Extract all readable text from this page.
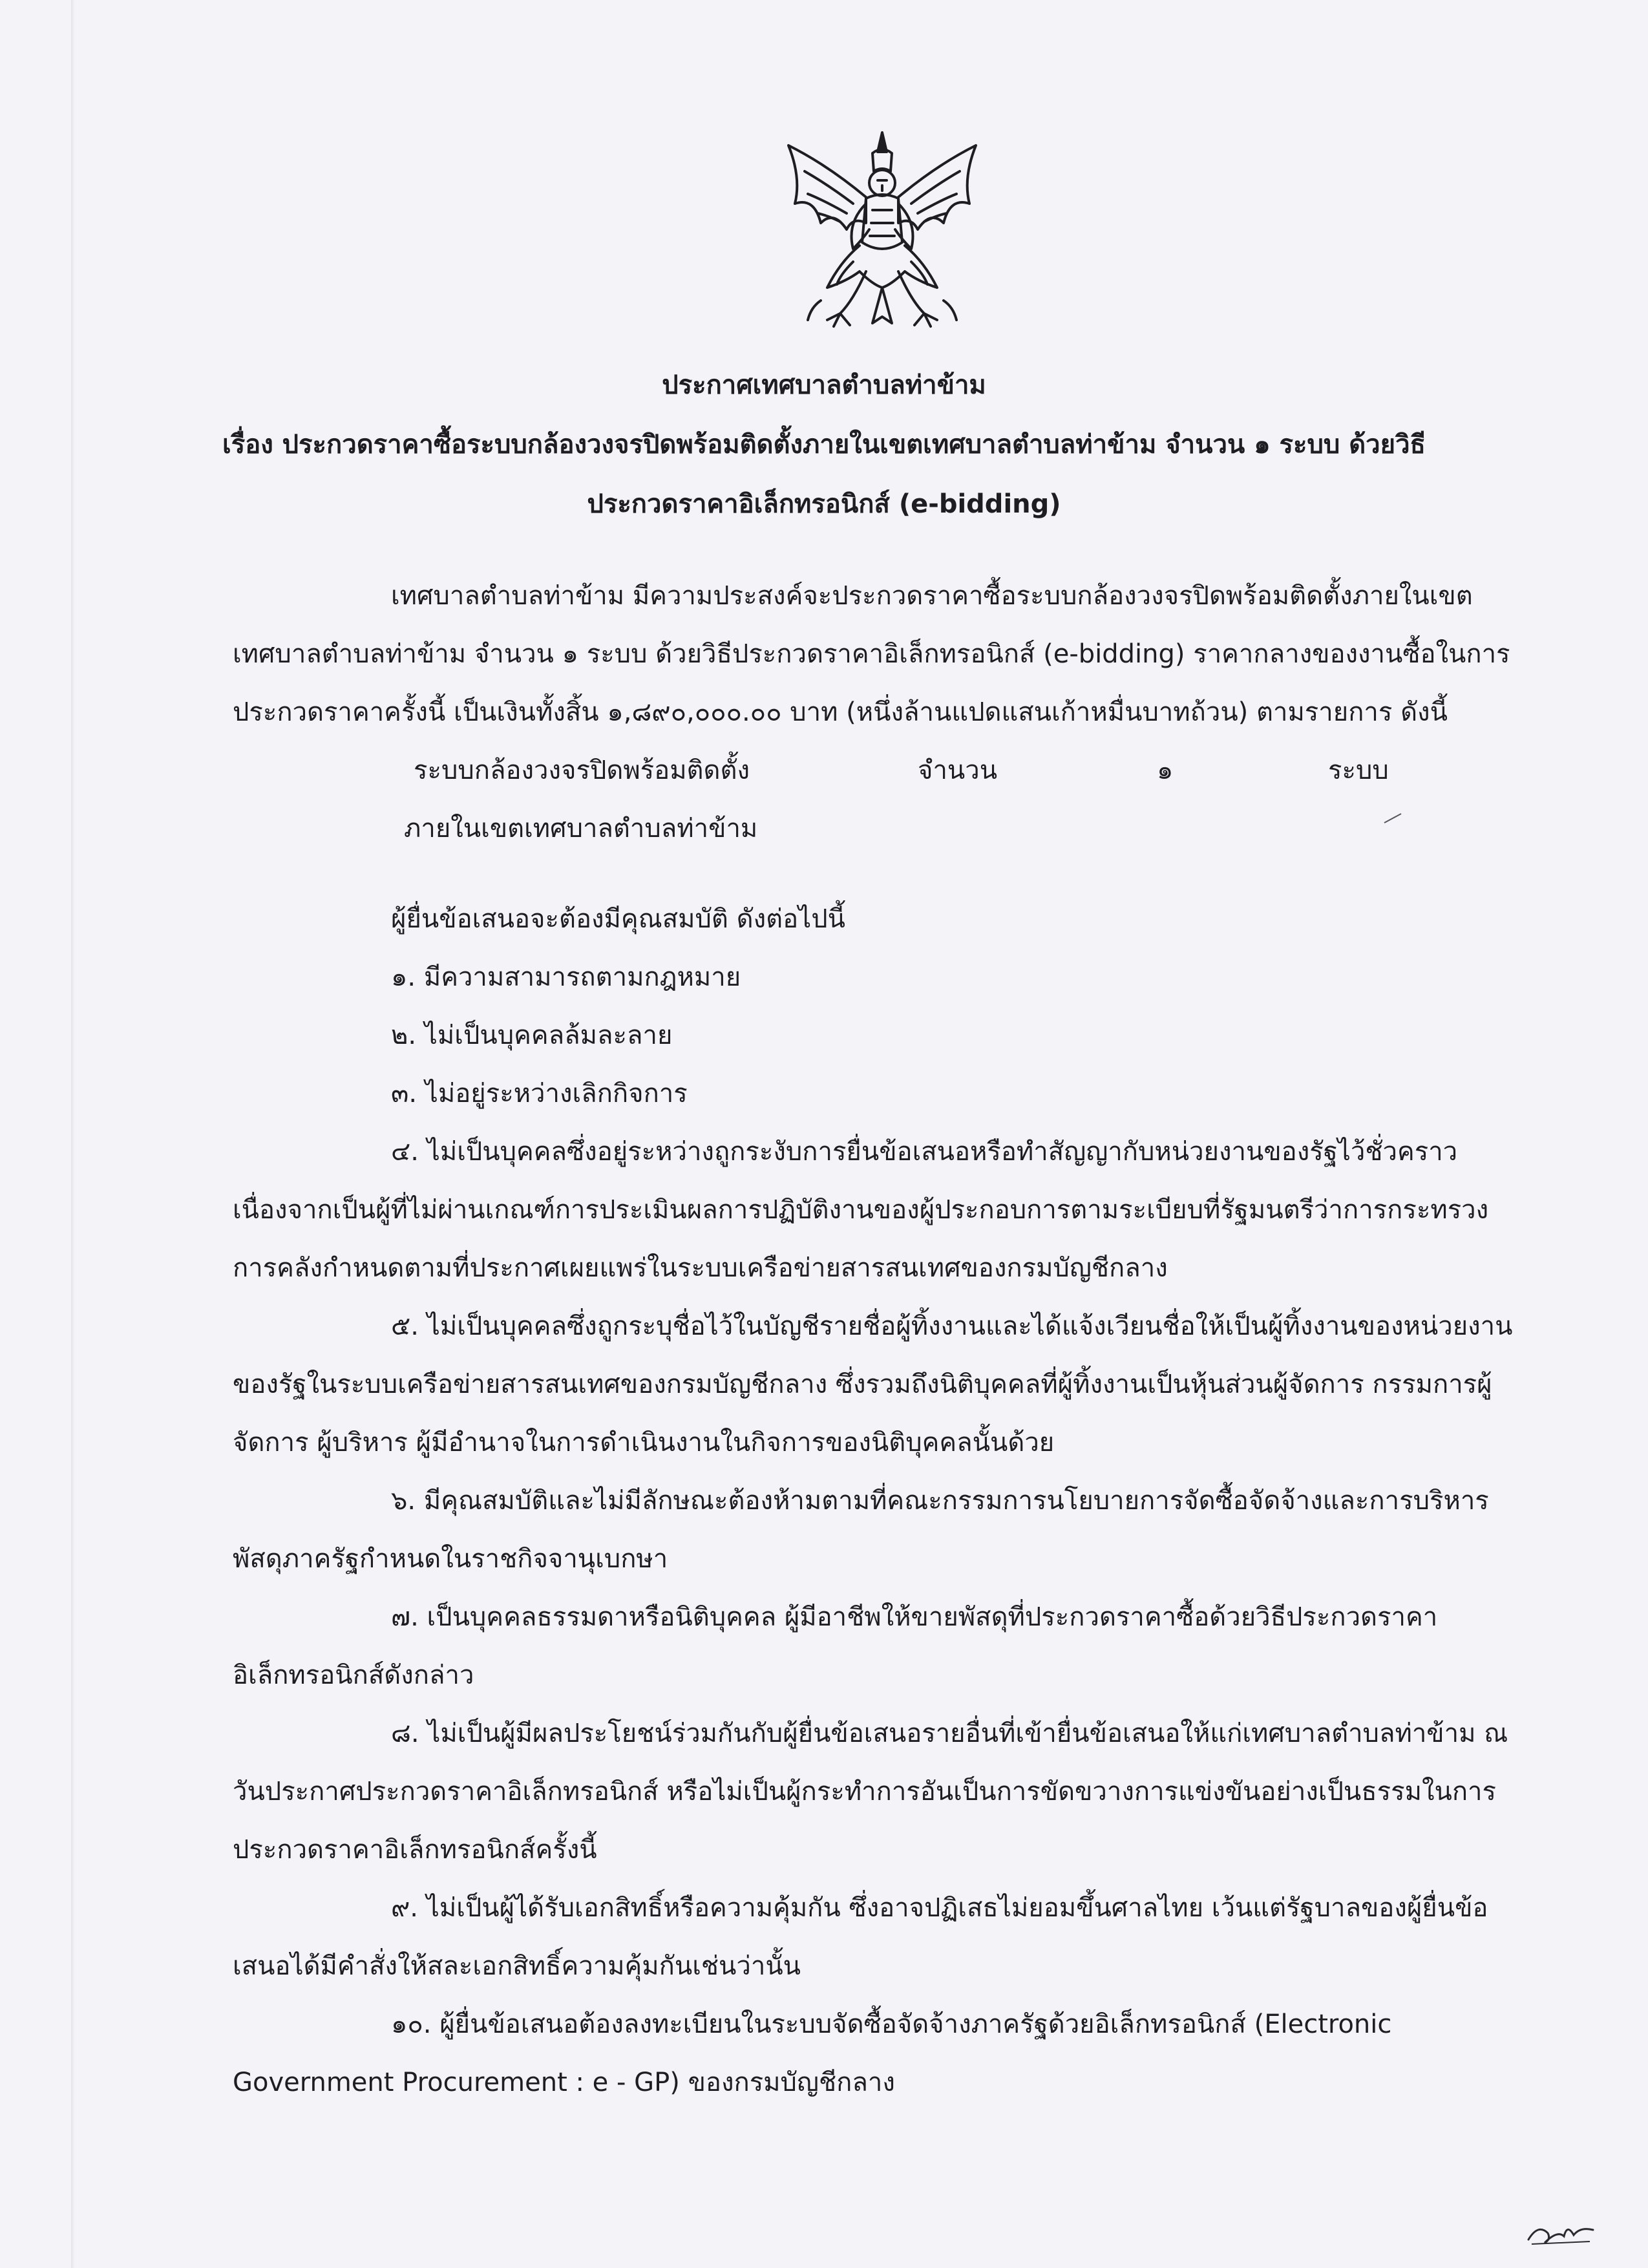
ประกาศเทศบาลตำบลท่าข้าม
เรื่อง ประกวดราคาซื้อระบบกล้องวงจรปิดพร้อมติดตั้งภายในเขตเทศบาลตำบลท่าข้าม จำนวน ๑ ระบบ ด้วยวิธี
ประกวดราคาอิเล็กทรอนิกส์ (e-bidding)
เทศบาลตำบลท่าข้าม มีความประสงค์จะประกวดราคาซื้อระบบกล้องวงจรปิดพร้อมติดตั้งภายในเขต
เทศบาลตำบลท่าข้าม จำนวน ๑ ระบบ ด้วยวิธีประกวดราคาอิเล็กทรอนิกส์ (e-bidding) ราคากลางของงานซื้อในการ
ประกวดราคาครั้งนี้ เป็นเงินทั้งสิ้น ๑,๘๙๐,๐๐๐.๐๐ บาท (หนึ่งล้านแปดแสนเก้าหมื่นบาทถ้วน) ตามรายการ ดังนี้
ระบบกล้องวงจรปิดพร้อมติดตั้ง	จำนวน	๑	ระบบ
ภายในเขตเทศบาลตำบลท่าข้าม
ผู้ยื่นข้อเสนอจะต้องมีคุณสมบัติ ดังต่อไปนี้
๑. มีความสามารถตามกฎหมาย
๒. ไม่เป็นบุคคลล้มละลาย
๓. ไม่อยู่ระหว่างเลิกกิจการ
๔. ไม่เป็นบุคคลซึ่งอยู่ระหว่างถูกระงับการยื่นข้อเสนอหรือทำสัญญากับหน่วยงานของรัฐไว้ชั่วคราว
เนื่องจากเป็นผู้ที่ไม่ผ่านเกณฑ์การประเมินผลการปฏิบัติงานของผู้ประกอบการตามระเบียบที่รัฐมนตรีว่าการกระทรวง
การคลังกำหนดตามที่ประกาศเผยแพร่ในระบบเครือข่ายสารสนเทศของกรมบัญชีกลาง
๕. ไม่เป็นบุคคลซึ่งถูกระบุชื่อไว้ในบัญชีรายชื่อผู้ทิ้งงานและได้แจ้งเวียนชื่อให้เป็นผู้ทิ้งงานของหน่วยงาน
ของรัฐในระบบเครือข่ายสารสนเทศของกรมบัญชีกลาง ซึ่งรวมถึงนิติบุคคลที่ผู้ทิ้งงานเป็นหุ้นส่วนผู้จัดการ กรรมการผู้
จัดการ ผู้บริหาร ผู้มีอำนาจในการดำเนินงานในกิจการของนิติบุคคลนั้นด้วย
๖. มีคุณสมบัติและไม่มีลักษณะต้องห้ามตามที่คณะกรรมการนโยบายการจัดซื้อจัดจ้างและการบริหาร
พัสดุภาครัฐกำหนดในราชกิจจานุเบกษา
๗. เป็นบุคคลธรรมดาหรือนิติบุคคล ผู้มีอาชีพให้ขายพัสดุที่ประกวดราคาซื้อด้วยวิธีประกวดราคา
อิเล็กทรอนิกส์ดังกล่าว
๘. ไม่เป็นผู้มีผลประโยชน์ร่วมกันกับผู้ยื่นข้อเสนอรายอื่นที่เข้ายื่นข้อเสนอให้แก่เทศบาลตำบลท่าข้าม ณ
วันประกาศประกวดราคาอิเล็กทรอนิกส์ หรือไม่เป็นผู้กระทำการอันเป็นการขัดขวางการแข่งขันอย่างเป็นธรรมในการ
ประกวดราคาอิเล็กทรอนิกส์ครั้งนี้
๙. ไม่เป็นผู้ได้รับเอกสิทธิ์หรือความคุ้มกัน ซึ่งอาจปฏิเสธไม่ยอมขึ้นศาลไทย เว้นแต่รัฐบาลของผู้ยื่นข้อ
เสนอได้มีคำสั่งให้สละเอกสิทธิ์ความคุ้มกันเช่นว่านั้น
๑๐. ผู้ยื่นข้อเสนอต้องลงทะเบียนในระบบจัดซื้อจัดจ้างภาครัฐด้วยอิเล็กทรอนิกส์ (Electronic
Government Procurement : e - GP) ของกรมบัญชีกลาง
